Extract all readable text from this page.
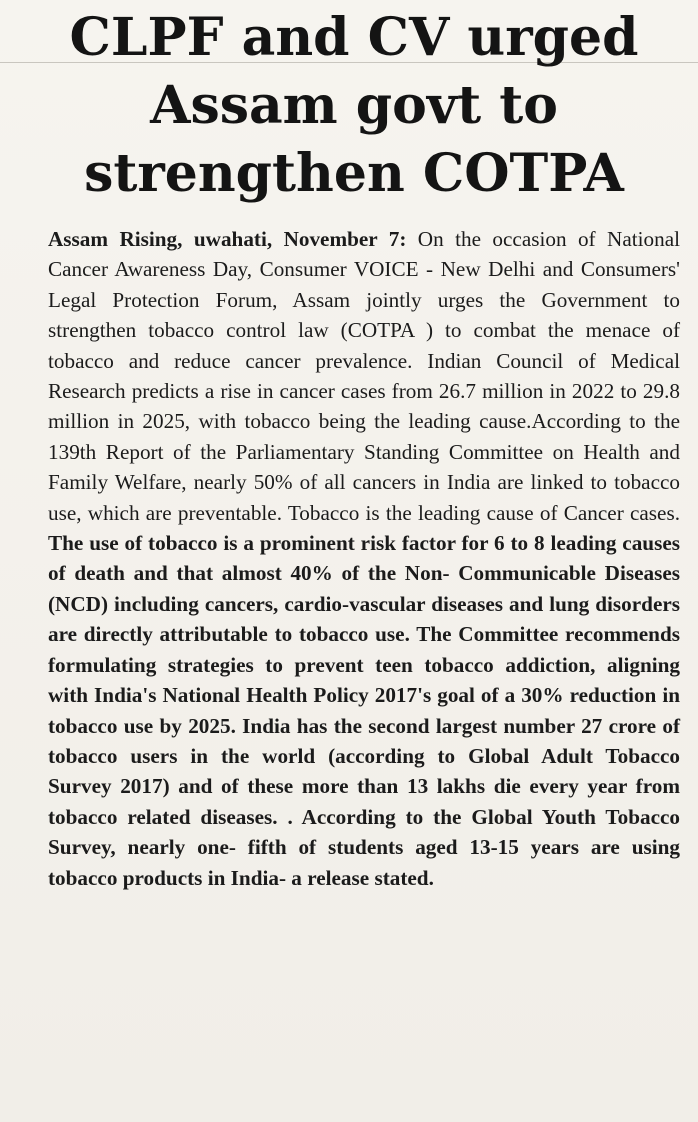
CLPF and CV urged
Assam govt to
strengthen COTPA

Assam Rising, uwahati, November 7: On the occasion of National Cancer Awareness Day, Consumer VOICE - New Delhi and Consumers' Legal Protection Forum, Assam jointly urges the Government to strengthen tobacco control law (COTPA ) to combat the menace of tobacco and reduce cancer prevalence. Indian Council of Medical Research predicts a rise in cancer cases from 26.7 million in 2022 to 29.8 million in 2025, with tobacco being the leading cause.According to the 139th Report of the Parliamentary Standing Committee on Health and Family Welfare, nearly 50% of all cancers in India are linked to tobacco use, which are preventable. Tobacco is the leading cause of Cancer cases. The use of tobacco is a prominent risk factor for 6 to 8 leading causes of death and that almost 40% of the Non- Communicable Diseases (NCD) including cancers, cardio-vascular diseases and lung disorders are directly attributable to tobacco use. The Committee recommends formulating strategies to prevent teen tobacco addiction, aligning with India's National Health Policy 2017's goal of a 30% reduction in tobacco use by 2025. India has the second largest number 27 crore of tobacco users in the world (according to Global Adult Tobacco Survey 2017) and of these more than 13 lakhs die every year from tobacco related diseases. . According to the Global Youth Tobacco Survey, nearly one- fifth of students aged 13-15 years are using tobacco products in India- a release stated.
